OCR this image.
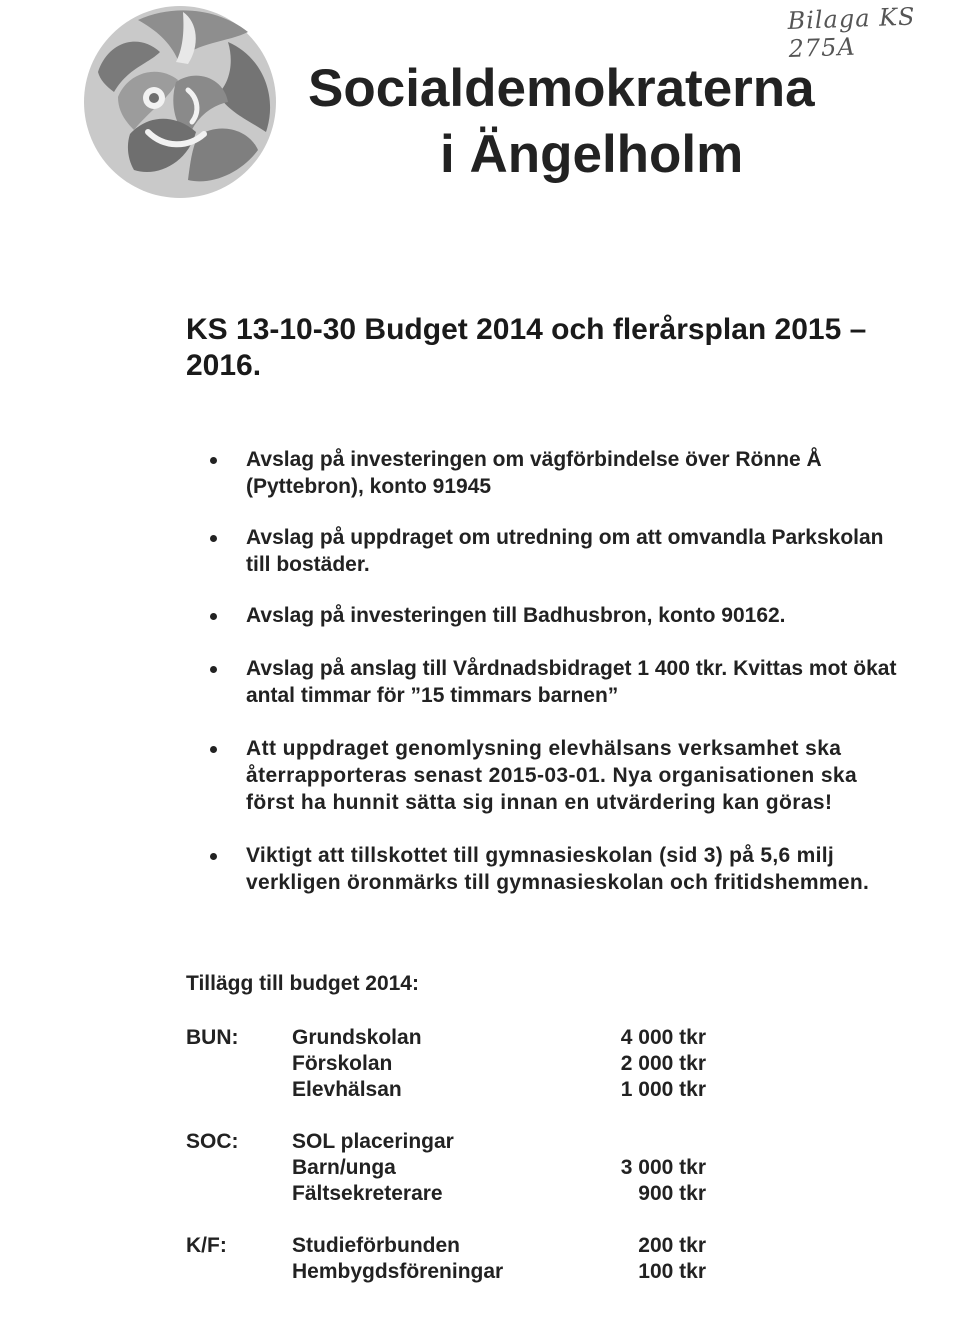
Bilaga KS 275A
Socialdemokraterna
i Ängelholm
KS 13-10-30 Budget 2014 och flerårsplan 2015 – 2016.
Avslag på investeringen om vägförbindelse över Rönne Å (Pyttebron), konto 91945
Avslag på uppdraget om utredning om att omvandla Parkskolan till bostäder.
Avslag på investeringen till Badhusbron, konto 90162.
Avslag på anslag till Vårdnadsbidraget 1 400 tkr. Kvittas mot ökat antal timmar för ”15 timmars barnen”
Att uppdraget genomlysning elevhälsans verksamhet ska återrapporteras senast 2015-03-01. Nya organisationen ska först ha hunnit sätta sig innan en utvärdering kan göras!
Viktigt att tillskottet till gymnasieskolan (sid 3) på 5,6 milj verkligen öronmärks till gymnasieskolan och fritidshemmen.
Tillägg till budget 2014:
BUN:	Grundskolan	4 000 tkr
Förskolan	2 000 tkr
Elevhälsan	1 000 tkr
SOC:	SOL placeringar
Barn/unga	3 000 tkr
Fältsekreterare	900 tkr
K/F:	Studieförbunden	200 tkr
Hembygdsföreningar	100 tkr
